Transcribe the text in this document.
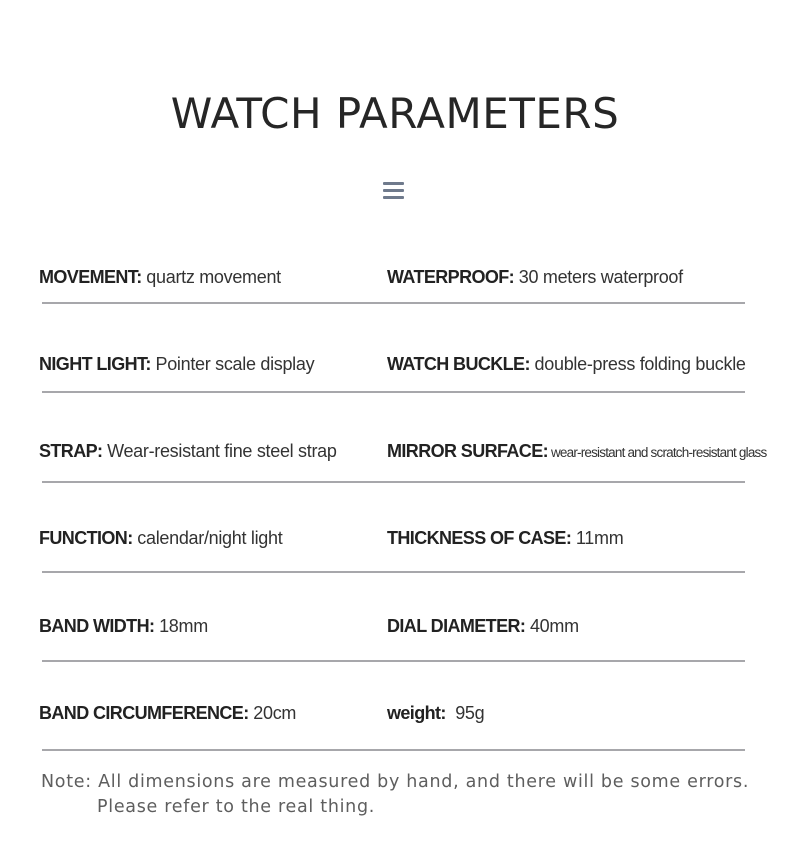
WATCH PARAMETERS
MOVEMENT: quartz movement	WATERPROOF: 30 meters waterproof
NIGHT LIGHT: Pointer scale display	WATCH BUCKLE: double-press folding buckle
STRAP: Wear-resistant fine steel strap	MIRROR SURFACE: wear-resistant and scratch-resistant glass
FUNCTION: calendar/night light	THICKNESS OF CASE: 11mm
BAND WIDTH: 18mm	DIAL DIAMETER: 40mm
BAND CIRCUMFERENCE: 20cm	weight:  95g
Note: All dimensions are measured by hand, and there will be some errors.
Please refer to the real thing.
